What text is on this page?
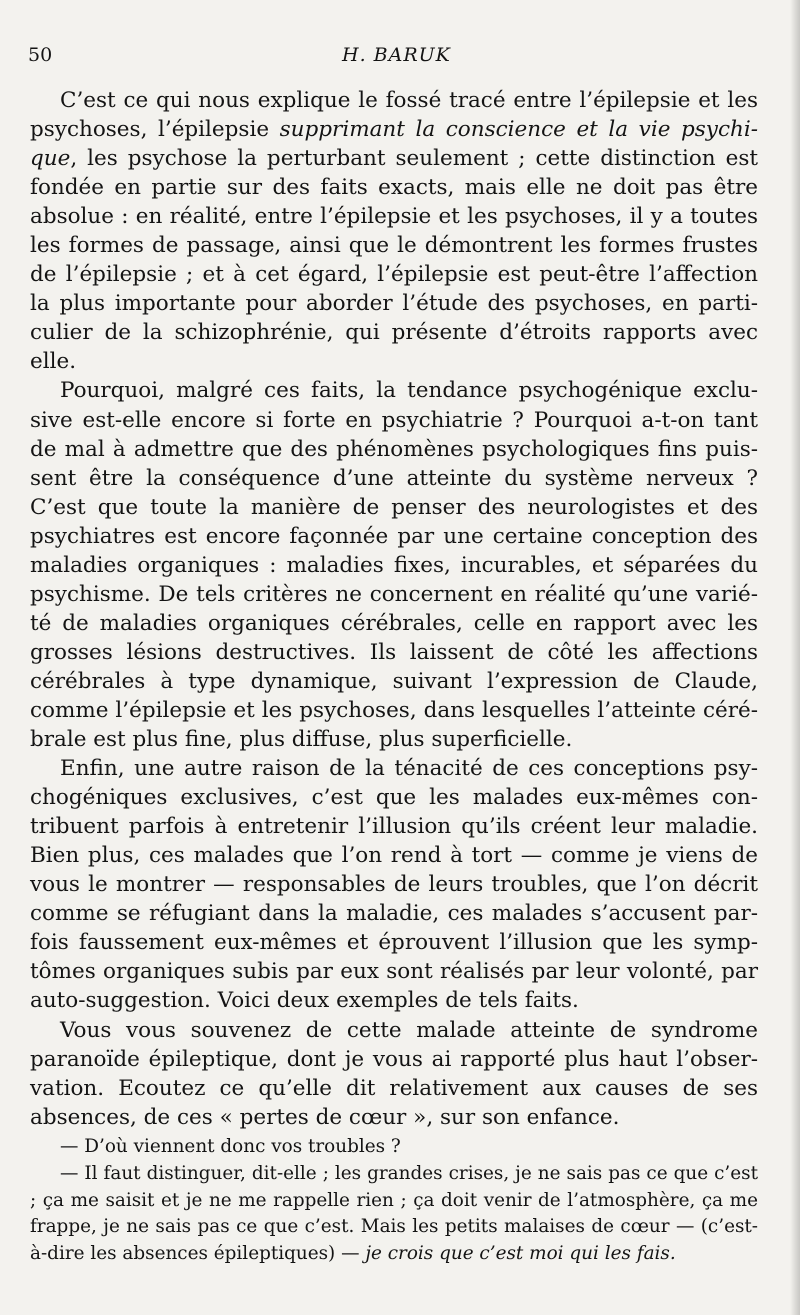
50	H. BARUK

C’est ce qui nous explique le fossé tracé entre l’épilepsie et les psychoses, l’épilepsie supprimant la conscience et la vie psychique, les psychose la perturbant seulement ; cette distinction est fondée en partie sur des faits exacts, mais elle ne doit pas être absolue : en réalité, entre l’épilepsie et les psychoses, il y a toutes les formes de passage, ainsi que le démontrent les formes frustes de l’épilepsie ; et à cet égard, l’épilepsie est peut-être l’affection la plus importante pour aborder l’étude des psychoses, en particulier de la schizophrénie, qui présente d’étroits rapports avec elle.

Pourquoi, malgré ces faits, la tendance psychogénique exclusive est-elle encore si forte en psychiatrie ? Pourquoi a-t-on tant de mal à admettre que des phénomènes psychologiques fins puissent être la conséquence d’une atteinte du système nerveux ? C’est que toute la manière de penser des neurologistes et des psychiatres est encore façonnée par une certaine conception des maladies organiques : maladies fixes, incurables, et séparées du psychisme. De tels critères ne concernent en réalité qu’une variété de maladies organiques cérébrales, celle en rapport avec les grosses lésions destructives. Ils laissent de côté les affections cérébrales à type dynamique, suivant l’expression de Claude, comme l’épilepsie et les psychoses, dans lesquelles l’atteinte cérébrale est plus fine, plus diffuse, plus superficielle.

Enfin, une autre raison de la ténacité de ces conceptions psychogéniques exclusives, c’est que les malades eux-mêmes contribuent parfois à entretenir l’illusion qu’ils créent leur maladie. Bien plus, ces malades que l’on rend à tort — comme je viens de vous le montrer — responsables de leurs troubles, que l’on décrit comme se réfugiant dans la maladie, ces malades s’accusent parfois faussement eux-mêmes et éprouvent l’illusion que les symptômes organiques subis par eux sont réalisés par leur volonté, par auto-suggestion. Voici deux exemples de tels faits.

Vous vous souvenez de cette malade atteinte de syndrome paranoïde épileptique, dont je vous ai rapporté plus haut l’observation. Ecoutez ce qu’elle dit relativement aux causes de ses absences, de ces « pertes de cœur », sur son enfance.

— D’où viennent donc vos troubles ?

— Il faut distinguer, dit-elle ; les grandes crises, je ne sais pas ce que c’est ; ça me saisit et je ne me rappelle rien ; ça doit venir de l’atmosphère, ça me frappe, je ne sais pas ce que c’est. Mais les petits malaises de cœur — (c’est-à-dire les absences épileptiques) — je crois que c’est moi qui les fais.
